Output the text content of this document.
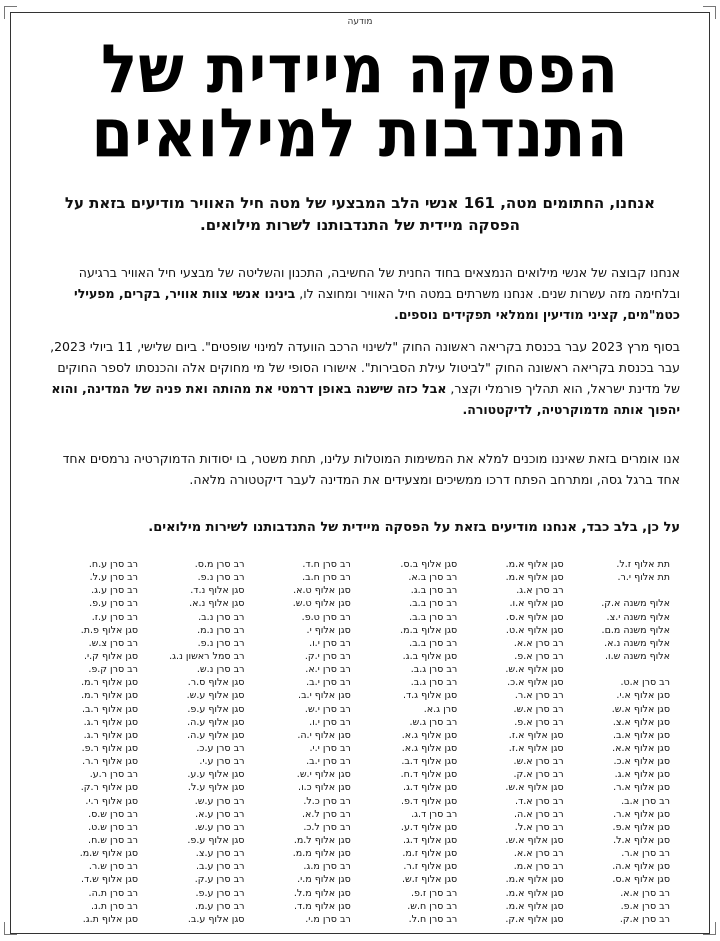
מודעה
הפסקה מיידית של
התנדבות למילואים
אנחנו, החתומים מטה, 161 אנשי הלב המבצעי של מטה חיל האוויר מודיעים בזאת על הפסקה מיידית של התנדבותנו לשרות מילואים.
אנחנו קבוצה של אנשי מילואים הנמצאים בחוד החנית של החשיבה, התכנון והשליטה של מבצעי חיל האוויר ברגיעה ובלחימה מזה עשרות שנים. אנחנו משרתים במטה חיל האוויר ומחוצה לו, בינינו אנשי צוות אוויר, בקרים, מפעילי כטמ"מים, קציני מודיעין וממלאי תפקידים נוספים.
בסוף מרץ 2023 עבר בכנסת בקריאה ראשונה החוק "לשינוי הרכב הוועדה למינוי שופטים". ביום שלישי, 11 ביולי 2023, עבר בכנסת בקריאה ראשונה החוק "לביטול עילת הסבירות". אישורו הסופי של מי מחוקים אלה והכנסתו לספר החוקים של מדינת ישראל, הוא תהליך פורמלי וקצר, אבל כזה שישנה באופן דרמטי את מהותה ואת פניה של המדינה, והוא יהפוך אותה מדמוקרטיה, לדיקטטורה.
אנו אומרים בזאת שאיננו מוכנים למלא את המשימות המוטלות עלינו, תחת משטר, בו יסודות הדמוקרטיה נרמסים אחד אחד ברגל גסה, ומתרחב הפתח דרכו ממשיכים ומצעידים את המדינה לעבר דיקטטורה מלאה.
על כן, בלב כבד, אנחנו מודיעים בזאת על הפסקה מיידית של התנדבותנו לשירות מילואים.
תת אלוף ז.ל.
תת אלוף י.ר.
אלוף משנה א.ק.
אלוף משנה י.צ.
אלוף משנה מ.ם.
אלוף משנה נ.א.
אלוף משנה ש.ו.
רב סרן א.ט.
סגן אלוף א.י.
סגן אלוף א.ש.
סגן אלוף א.צ.
סגן אלוף א.ב.
סגן אלוף א.א.
סגן אלוף א.כ.
סגן אלוף א.ג.
סגן אלוף א.ר.
רב סרן א.ב.
סגן אלוף א.ר.
סגן אלוף א.פ.
סגן אלוף א.ל.
רב סרן א.ר.
סגן אלוף א.ה.
סגן אלוף א.ס.
רב סרן א.א.
רב סרן א.פ.
רב סרן א.ק.
סגן אלוף א.מ.
סגן אלוף א.מ.
רב סרן א.ג.
סגן אלוף א.ו.
סגן אלוף א.ס.
סגן אלוף א.ט.
רב סרן א.א.
רב סרן א.פ.
סגן אלוף א.ש.
סגן אלוף א.כ.
רב סרן א.ר.
רב סרן א.ש.
רב סרן א.פ.
סגן אלוף א.ז.
סגן אלוף א.ז.
רב סרן א.ש.
רב סרן א.ק.
סגן אלוף א.ש.
רב סרן א.ד.
רב סרן א.ה.
רב סרן א.ל.
סגן אלוף א.ש.
רב סרן א.א.
רב סרן א.מ.
סגן אלוף א.מ.
סגן אלוף א.מ.
סגן אלוף א.מ.
סגן אלוף א.ק.
סגן אלוף ב.ס.
רב סרן ב.א.
רב סרן ב.ג.
רב סרן ב.ב.
רב סרן ב.ב.
סגן אלוף ב.מ.
רב סרן ב.ב.
סגן אלוף ב.ג.
רב סרן ג.ב.
רב סרן ג.ב.
סגן אלוף ג.ד.
סרן ג.א.
רב סרן ג.ש.
סגן אלוף ג.א.
סגן אלוף ג.א.
סגן אלוף ד.ב.
סגן אלוף ד.ח.
סגן אלוף ד.ג.
סגן אלוף ד.פ.
רב סרן ד.ג.
סגן אלוף ד.ע.
סגן אלוף ד.ג.
סגן אלוף ז.מ.
סגן אלוף ז.ר.
סגן אלוף ז.ש.
רב סרן ז.פ.
רב סרן ח.ש.
רב סרן ח.ל.
רב סרן ח.ד.
רב סרן ח.ב.
סגן אלוף ט.א.
סגן אלוף ט.ש.
רב סרן ט.פ.
סגן אלוף י.
רב סרן י.ו.
רב סרן י.ק.
רב סרן י.א.
רב סרן י.ב.
סגן אלוף י.ב.
רב סרן י.ש.
רב סרן י.ו.
סגן אלוף י.ה.
רב סרן י.י.
רב סרן י.ב.
סגן אלוף י.ש.
סגן אלוף כ.ו.
רב סרן כ.ל.
רב סרן ל.א.
רב סרן ל.כ.
סגן אלוף ל.מ.
סגן אלוף מ.מ.
רב סרן מ.ג.
סגן אלוף מ.י.
סגן אלוף מ.ל.
סגן אלוף מ.ד.
רב סרן מ.י.
רב סרן מ.ס.
רב סרן נ.פ.
סגן אלוף נ.ד.
סגן אלוף נ.א.
רב סרן נ.ב.
רב סרן נ.מ.
רב סרן נ.פ.
רב סמל ראשון נ.ג.
רב סרן נ.ש.
סגן אלוף ס.ר.
סגן אלוף ע.ש.
סגן אלוף ע.פ.
סגן אלוף ע.ה.
סגן אלוף ע.ה.
רב סרן ע.כ.
רב סרן ע.י.
סגן אלוף ע.ע.
סגן אלוף ע.ל.
רב סרן ע.ש.
רב סרן ע.א.
רב סרן ע.ש.
סגן אלוף ע.פ.
רב סרן ע.צ.
רב סרן ע.ב.
רב סרן ע.ק.
רב סרן ע.פ.
רב סרן ע.מ.
סגן אלוף ע.ב.
רב סרן ע.ח.
רב סרן ע.ל.
רב סרן ע.ג.
רב סרן ע.פ.
רב סרן ע.ז.
סגן אלוף פ.ת.
רב סרן צ.ש.
סגן אלוף ק.י.
רב סרן ק.פ.
סגן אלוף ר.מ.
סגן אלוף ר.מ.
סגן אלוף ר.ב.
סגן אלוף ר.ג.
סגן אלוף ר.ג.
סגן אלוף ר.פ.
סגן אלוף ר.ר.
רב סרן ר.ע.
סגן אלוף ר.ק.
סגן אלוף ר.י.
רב סרן ש.ס.
רב סרן ש.ט.
רב סרן ש.ח.
סגן אלוף ש.מ.
רב סרן ש.ר.
סגן אלוף ש.ד.
רב סרן ת.ה.
רב סרן ת.נ.
סגן אלוף ת.ג.
